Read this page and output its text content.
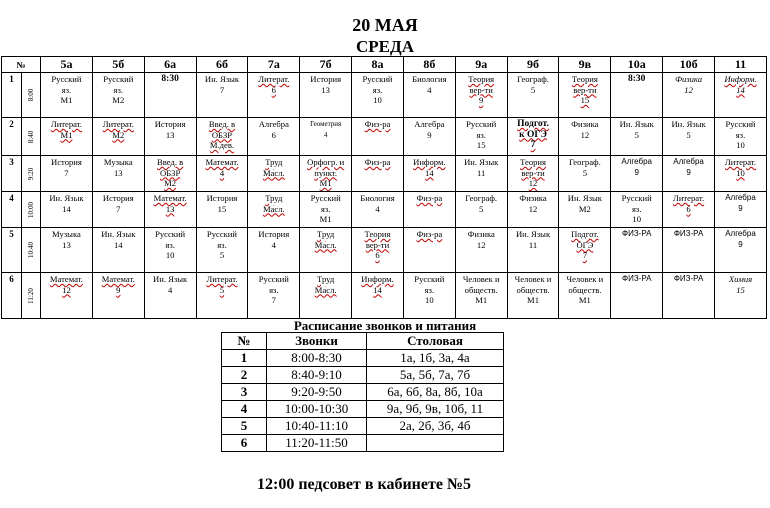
20 МАЯ
СРЕДА
№		5а	5б	6а	6б	7а	7б	8а	8б	9а	9б	9в	10а	10б	11
1	8:00	Русский
яз.
М1	Русский
яз.
М2	8:30	Ин. Язык
7	Литерат.
6	История
13	Русский
яз.
10	Биология
4	Теория
вер-ти
9	Географ.
5	Теория
вер-ти
15	8:30	Физика
12	Информ.
14

2	8:40	Литерат.
М1	Литерат.
М2	История
13	Введ. в
ОБЗР
М.дев.	Алгебра
6	Геометрия
4	Физ-ра	Алгебра
9	Русский
яз.
15	Подгот.
к ОГЭ
7	Физика
12	Ин. Язык
5	Ин. Язык
5	Русский
яз.
10

3	9:20	История
7	Музыка
13	Введ. в
ОБЗР
М2	Математ.
4	Труд
Масл.	Орфогр. и
пункт.
М1	Физ-ра	Информ.
14	Ин. Язык
11	Теория
вер-ти
12	Географ.
5	Алгебра
9	Алгебра
9	Литерат.
10

4	10:00	Ин. Язык
14	История
7	Математ.
13	История
15	Труд
Масл.	Русский
яз.
М1	Биология
4	Физ-ра	Географ.
5	Физика
12	Ин. Язык
М2	Русский
яз.
10	Литерат.
6	Алгебра
9

5	10:40	Музыка
13	Ин. Язык
14	Русский
яз.
10	Русский
яз.
5	История
4	Труд
Масл.	Теория
вер-ти
6	Физ-ра	Физика
12	Ин. Язык
11	Подгот.
ОГЭ
7	ФИЗ-РА	ФИЗ-РА	Алгебра
9

6	11:20	Математ.
12	Математ.
9	Ин. Язык
4	Литерат.
5	Русский
яз.
7	Труд
Масл.	Информ.
14	Русский
яз.
10	Человек и
обществ.
М1	Человек и
обществ.
М1	Человек и
обществ.
М1	ФИЗ-РА	ФИЗ-РА	Химия
15
Расписание звонков и питания
№	Звонки	Столовая
1	8:00-8:30	1а, 1б, 3а, 4а
2	8:40-9:10	5а, 5б, 7а, 7б
3	9:20-9:50	6а, 6б, 8а, 8б, 10а
4	10:00-10:30	9а, 9б, 9в, 10б, 11
5	10:40-11:10	2а, 2б, 3б, 4б
6	11:20-11:50	
12:00 педсовет в кабинете №5
